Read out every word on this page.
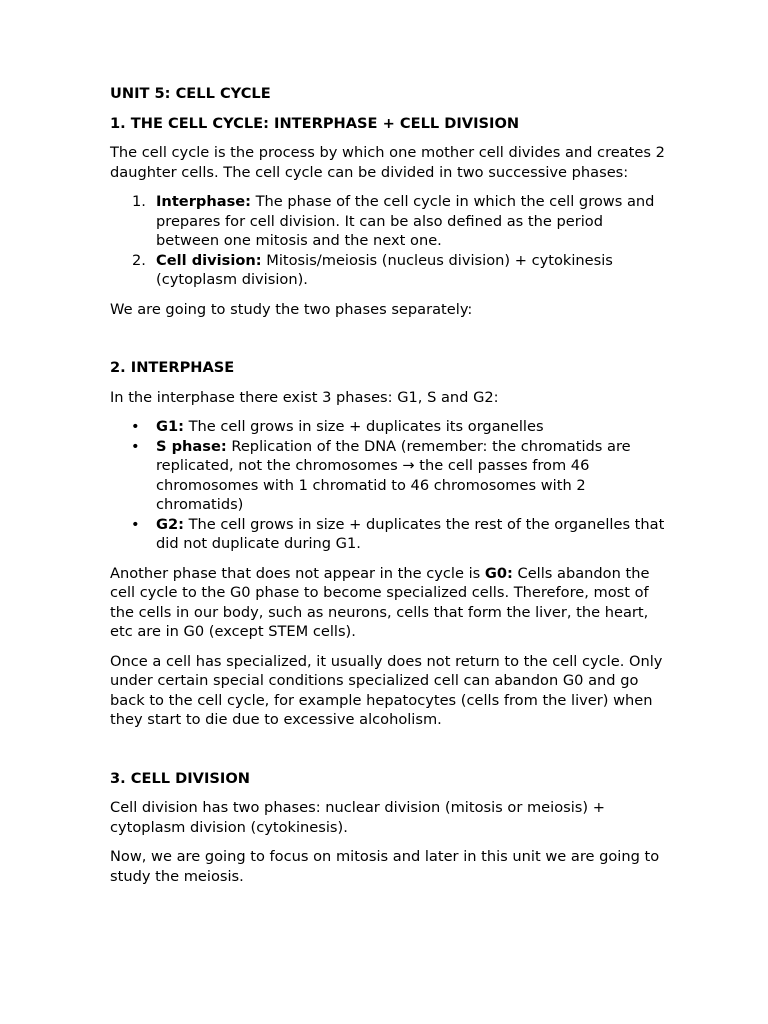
UNIT 5: CELL CYCLE

1. THE CELL CYCLE: INTERPHASE + CELL DIVISION

The cell cycle is the process by which one mother cell divides and creates 2 daughter cells. The cell cycle can be divided in two successive phases:

1. Interphase: The phase of the cell cycle in which the cell grows and prepares for cell division. It can be also defined as the period between one mitosis and the next one.
2. Cell division: Mitosis/meiosis (nucleus division) + cytokinesis (cytoplasm division).

We are going to study the two phases separately:

2. INTERPHASE

In the interphase there exist 3 phases: G1, S and G2:

• G1: The cell grows in size + duplicates its organelles
• S phase: Replication of the DNA (remember: the chromatids are replicated, not the chromosomes → the cell passes from 46 chromosomes with 1 chromatid to 46 chromosomes with 2 chromatids)
• G2: The cell grows in size + duplicates the rest of the organelles that did not duplicate during G1.

Another phase that does not appear in the cycle is G0: Cells abandon the cell cycle to the G0 phase to become specialized cells. Therefore, most of the cells in our body, such as neurons, cells that form the liver, the heart, etc are in G0 (except STEM cells).

Once a cell has specialized, it usually does not return to the cell cycle. Only under certain special conditions specialized cell can abandon G0 and go back to the cell cycle, for example hepatocytes (cells from the liver) when they start to die due to excessive alcoholism.

3. CELL DIVISION

Cell division has two phases: nuclear division (mitosis or meiosis) + cytoplasm division (cytokinesis).

Now, we are going to focus on mitosis and later in this unit we are going to study the meiosis.
